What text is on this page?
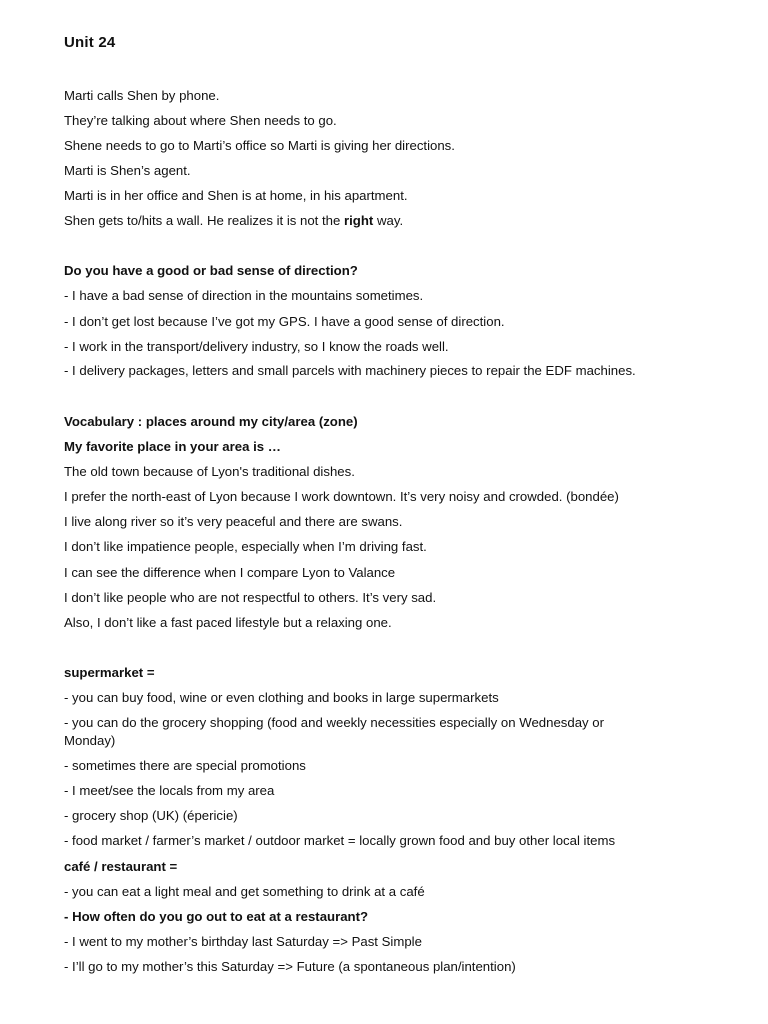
Unit 24
Marti calls Shen by phone.
They’re talking about where Shen needs to go.
Shene needs to go to Marti’s office so Marti is giving her directions.
Marti is Shen’s agent.
Marti is in her office and Shen is at home, in his apartment.
Shen gets to/hits a wall. He realizes it is not the right way.
Do you have a good or bad sense of direction?
- I have a bad sense of direction in the mountains sometimes.
- I don’t get lost because I’ve got my GPS. I have a good sense of direction.
- I work in the transport/delivery industry, so I know the roads well.
- I delivery packages, letters and small parcels with machinery pieces to repair the EDF machines.
Vocabulary : places around my city/area (zone)
My favorite place in your area is …
The old town because of Lyon's traditional dishes.
I prefer the north-east of Lyon because I work downtown. It’s very noisy and crowded. (bondée)
I live along river so it’s very peaceful and there are swans.
I don’t like impatience people, especially when I’m driving fast.
I can see the difference when I compare Lyon to Valance
I don’t like people who are not respectful to others. It’s very sad.
Also, I don’t like a fast paced lifestyle but a relaxing one.
supermarket =
- you can buy food, wine or even clothing and books in large supermarkets
- you can do the grocery shopping (food and weekly necessities especially on Wednesday or Monday)
- sometimes there are special promotions
- I meet/see the locals from my area
- grocery shop (UK) (épericie)
- food market / farmer’s market / outdoor market = locally grown food and buy other local items
café / restaurant =
- you can eat a light meal and get something to drink at a café
- How often do you go out to eat at a restaurant?
- I went to my mother’s birthday last Saturday => Past Simple
- I’ll go to my mother’s this Saturday => Future (a spontaneous plan/intention)
